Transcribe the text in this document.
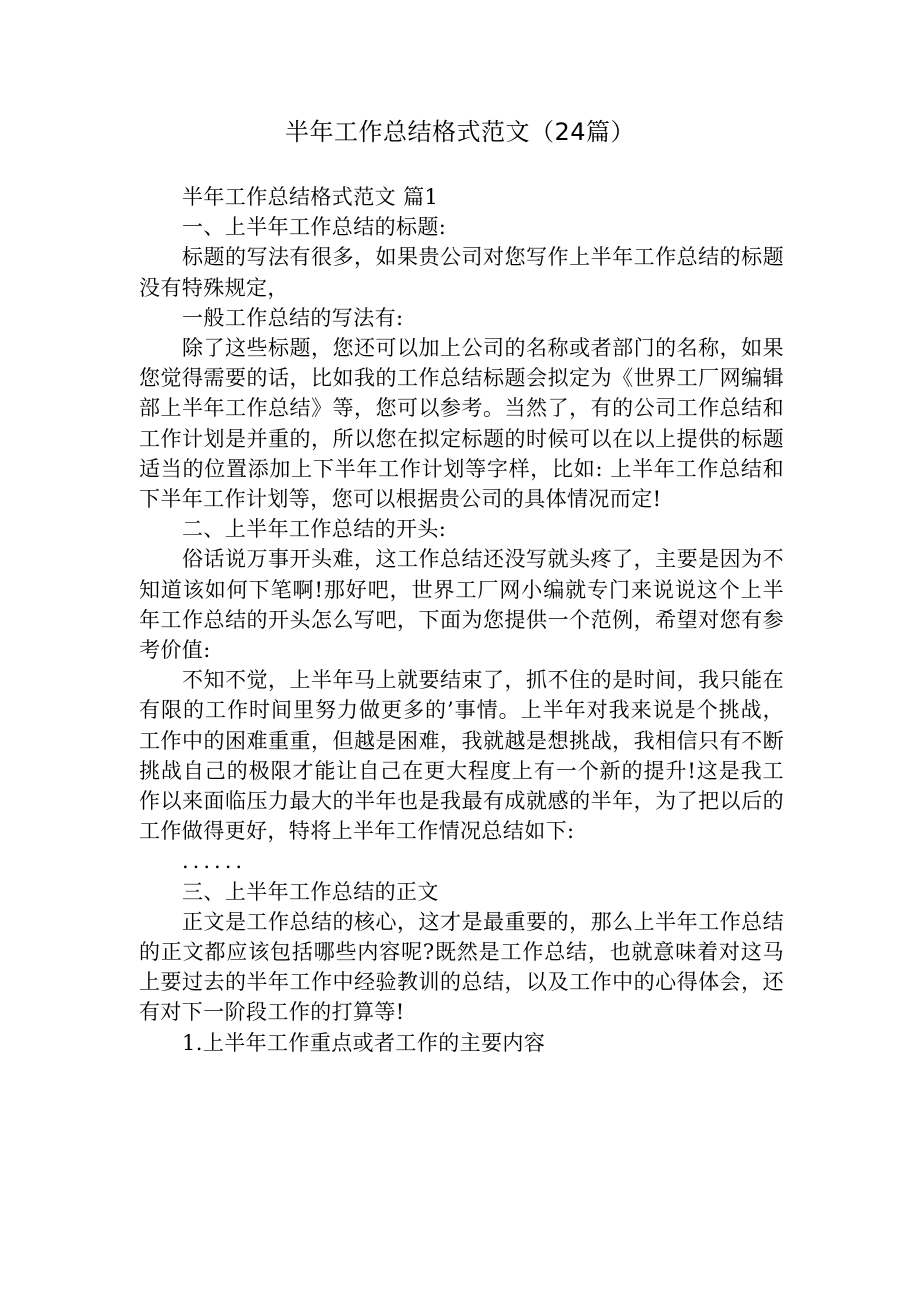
半年工作总结格式范文（24篇）

半年工作总结格式范文 篇1

一、上半年工作总结的标题:

标题的写法有很多，如果贵公司对您写作上半年工作总结的标题没有特殊规定，

一般工作总结的写法有:

除了这些标题，您还可以加上公司的名称或者部门的名称，如果您觉得需要的话，比如我的工作总结标题会拟定为《世界工厂网编辑部上半年工作总结》等，您可以参考。当然了，有的公司工作总结和工作计划是并重的，所以您在拟定标题的时候可以在以上提供的标题适当的位置添加上下半年工作计划等字样，比如: 上半年工作总结和下半年工作计划等，您可以根据贵公司的具体情况而定!

二、上半年工作总结的开头:

俗话说万事开头难，这工作总结还没写就头疼了，主要是因为不知道该如何下笔啊!那好吧，世界工厂网小编就专门来说说这个上半年工作总结的开头怎么写吧，下面为您提供一个范例，希望对您有参考价值:

不知不觉，上半年马上就要结束了，抓不住的是时间，我只能在有限的工作时间里努力做更多的’事情。上半年对我来说是个挑战，工作中的困难重重，但越是困难，我就越是想挑战，我相信只有不断挑战自己的极限才能让自己在更大程度上有一个新的提升!这是我工作以来面临压力最大的半年也是我最有成就感的半年，为了把以后的工作做得更好，特将上半年工作情况总结如下:

......

三、上半年工作总结的正文

正文是工作总结的核心，这才是最重要的，那么上半年工作总结的正文都应该包括哪些内容呢?既然是工作总结，也就意味着对这马上要过去的半年工作中经验教训的总结，以及工作中的心得体会，还有对下一阶段工作的打算等!

1.上半年工作重点或者工作的主要内容
